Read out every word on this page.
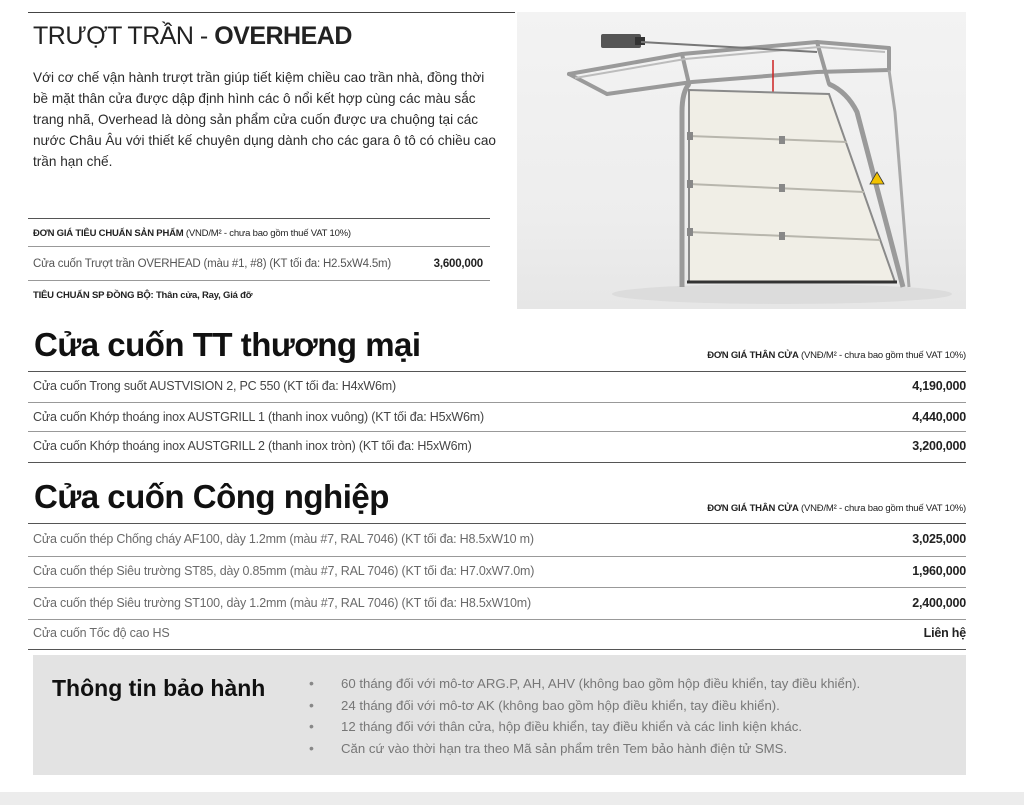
TRƯỢT TRẦN - OVERHEAD
Với cơ chế vận hành trượt trần giúp tiết kiệm chiều cao trần nhà, đồng thời bề mặt thân cửa được dập định hình các ô nổi kết hợp cùng các màu sắc trang nhã, Overhead là dòng sản phẩm cửa cuốn được ưa chuộng tại các nước Châu Âu với thiết kế chuyên dụng dành cho các gara ô tô có chiều cao trần hạn chế.
ĐƠN GIÁ TIÊU CHUẨN SẢN PHẨM (VND/M² - chưa bao gồm thuế VAT 10%)
Cửa cuốn Trượt trần OVERHEAD (màu #1, #8) (KT tối đa: H2.5xW4.5m)	3,600,000
TIÊU CHUẨN SP ĐỒNG BỘ: Thân cửa, Ray, Giá đỡ
Cửa cuốn TT thương mại	ĐƠN GIÁ THÂN CỬA (VNĐ/M² - chưa bao gồm thuế VAT 10%)
Cửa cuốn Trong suốt AUSTVISION 2, PC 550 (KT tối đa: H4xW6m)	4,190,000
Cửa cuốn Khớp thoáng inox AUSTGRILL 1 (thanh inox vuông) (KT tối đa: H5xW6m)	4,440,000
Cửa cuốn Khớp thoáng inox AUSTGRILL 2 (thanh inox tròn) (KT tối đa: H5xW6m)	3,200,000
Cửa cuốn Công nghiệp	ĐƠN GIÁ THÂN CỬA (VNĐ/M² - chưa bao gồm thuế VAT 10%)
Cửa cuốn thép Chống cháy AF100, dày 1.2mm (màu #7, RAL 7046) (KT tối đa: H8.5xW10 m)	3,025,000
Cửa cuốn thép Siêu trường ST85, dày 0.85mm (màu #7, RAL 7046) (KT tối đa: H7.0xW7.0m)	1,960,000
Cửa cuốn thép Siêu trường ST100, dày 1.2mm (màu #7, RAL 7046) (KT tối đa: H8.5xW10m)	2,400,000
Cửa cuốn Tốc độ cao HS	Liên hệ
Thông tin bảo hành
•	60 tháng đối với mô-tơ ARG.P, AH, AHV (không bao gồm hộp điều khiển, tay điều khiển).
• 24 tháng đối với mô-tơ AK (không bao gồm hộp điều khiển, tay điều khiển).
• 12 tháng đối với thân cửa, hộp điều khiển, tay điều khiển và các linh kiện khác.
• Căn cứ vào thời hạn tra theo Mã sản phẩm trên Tem bảo hành điện tử SMS.
